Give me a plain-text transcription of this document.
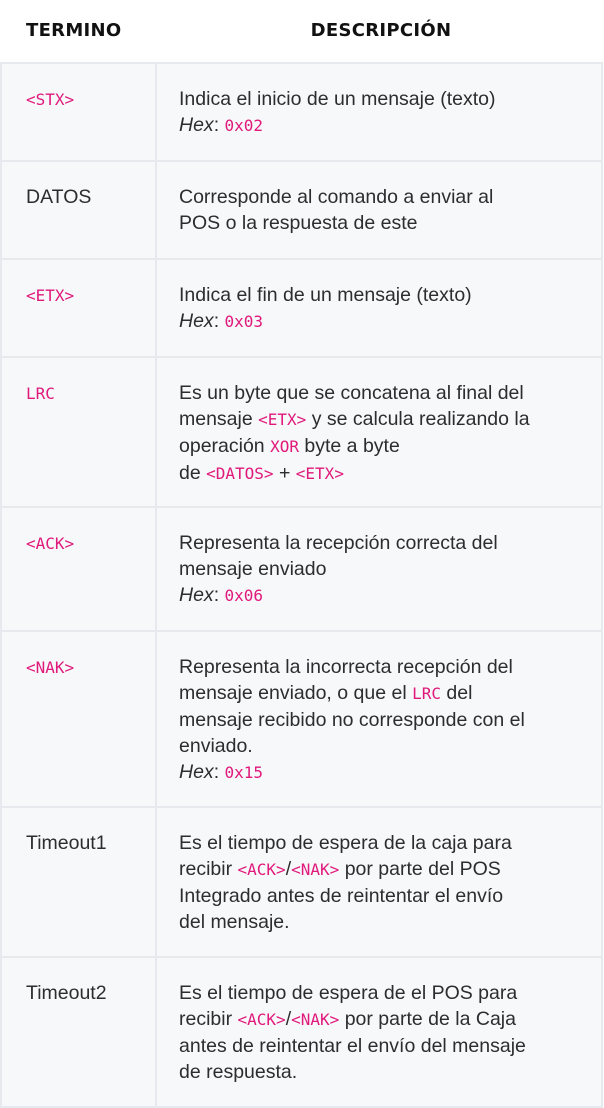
TERMINO	DESCRIPCIÓN
<STX>	Indica el inicio de un mensaje (texto)
Hex: 0x02

DATOS	Corresponde al comando a enviar al
POS o la respuesta de este

<ETX>	Indica el fin de un mensaje (texto)
Hex: 0x03

LRC	Es un byte que se concatena al final del
mensaje <ETX> y se calcula realizando la
operación XOR byte a byte
de <DATOS> + <ETX>

<ACK>	Representa la recepción correcta del
mensaje enviado
Hex: 0x06

<NAK>	Representa la incorrecta recepción del
mensaje enviado, o que el LRC del
mensaje recibido no corresponde con el
enviado.
Hex: 0x15

Timeout1	Es el tiempo de espera de la caja para
recibir <ACK>/<NAK> por parte del POS
Integrado antes de reintentar el envío
del mensaje.

Timeout2	Es el tiempo de espera de el POS para
recibir <ACK>/<NAK> por parte de la Caja
antes de reintentar el envío del mensaje
de respuesta.
